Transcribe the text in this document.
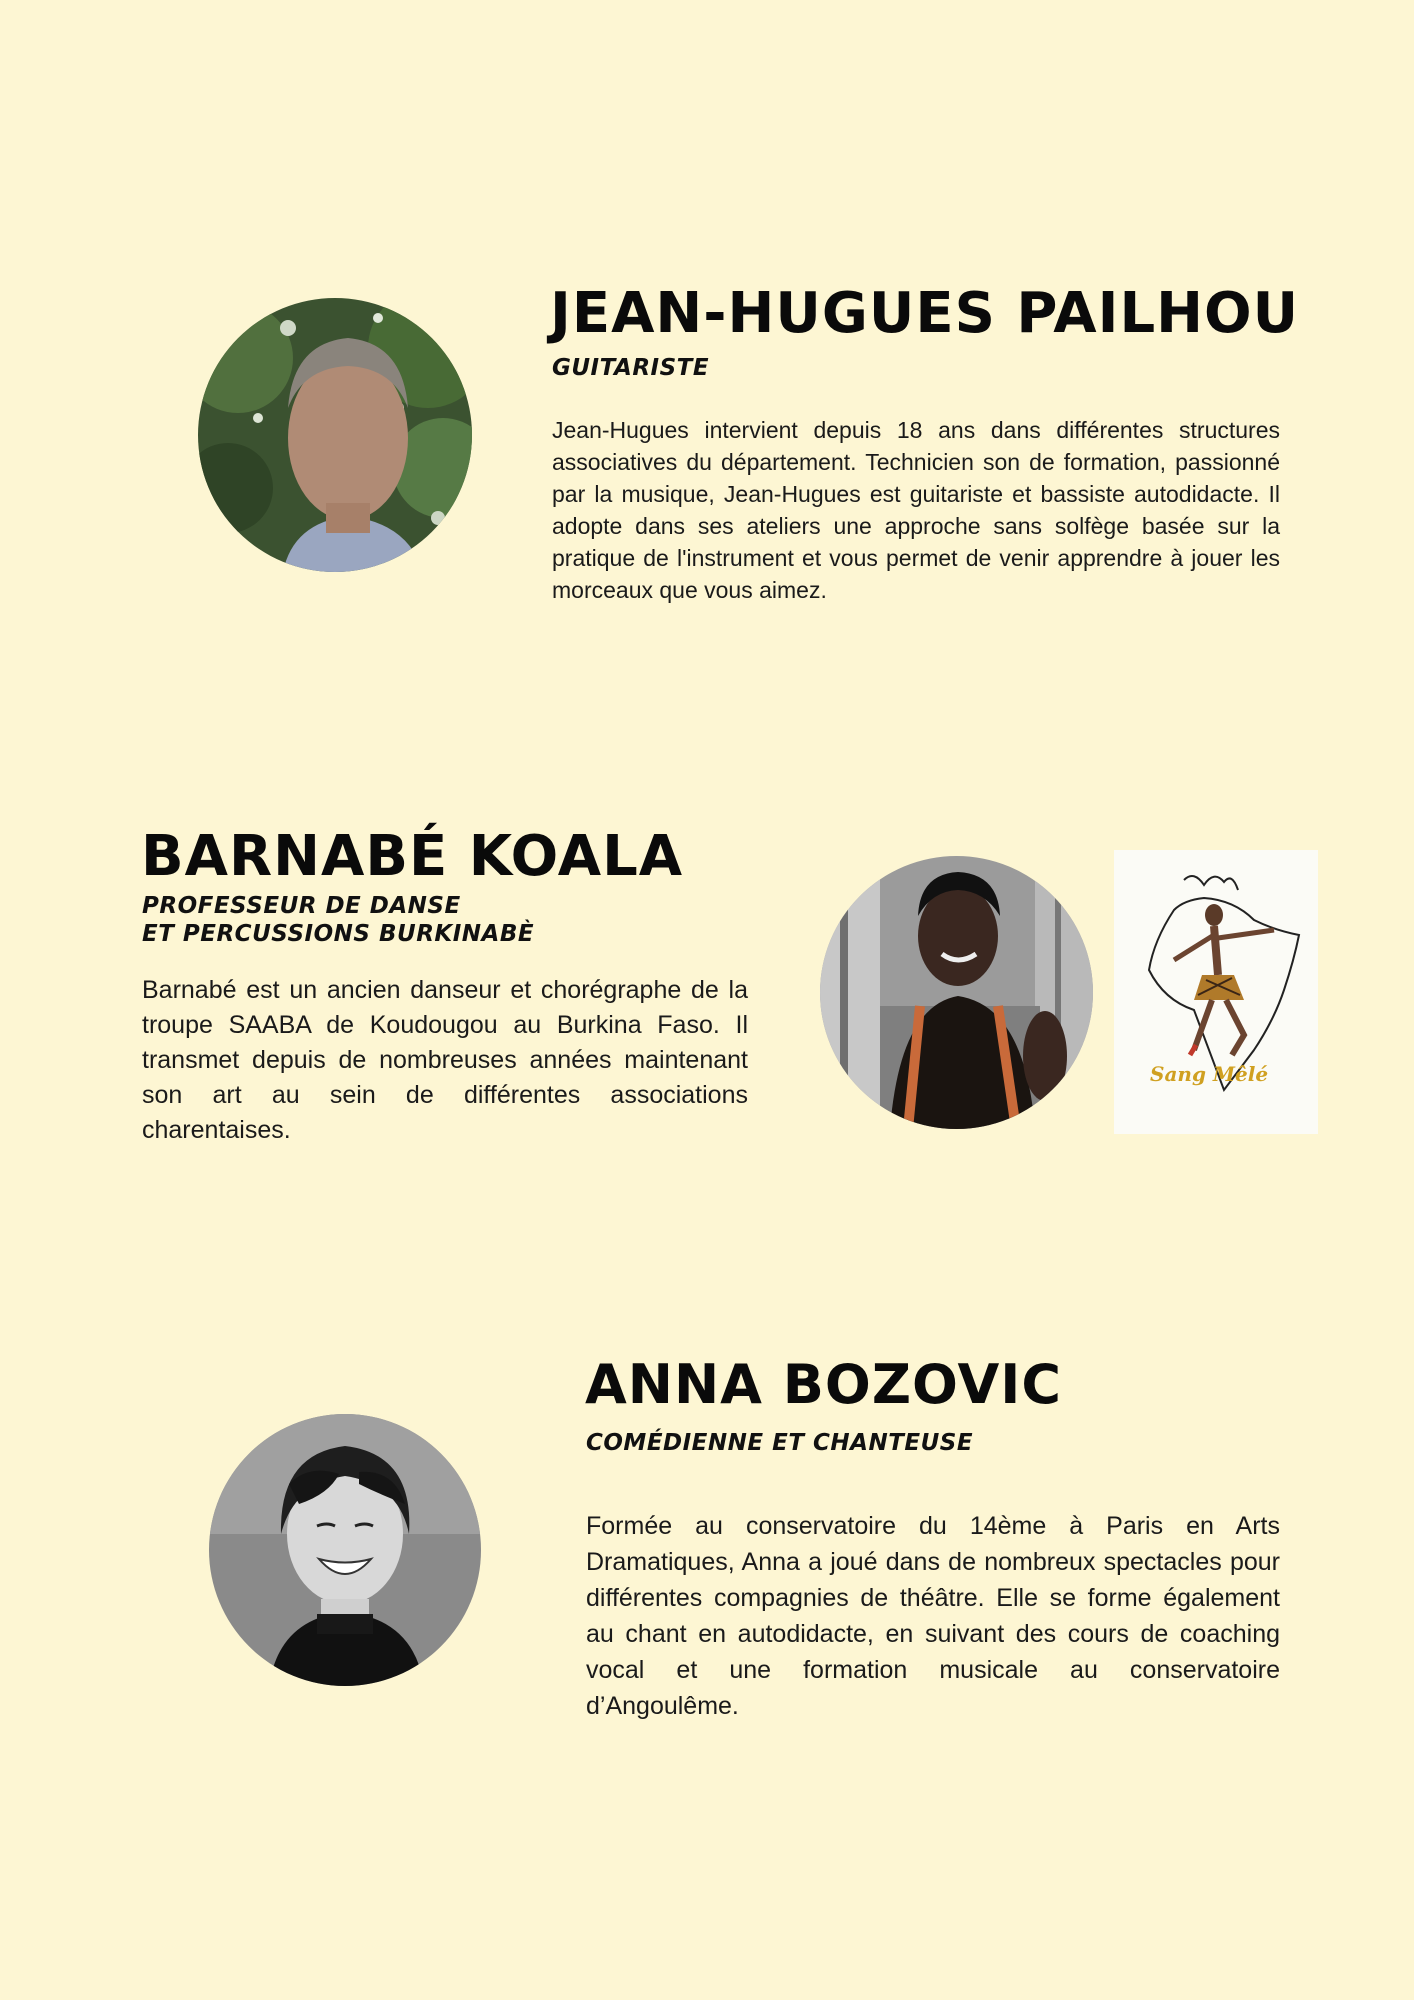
JEAN-HUGUES PAILHOU
GUITARISTE
Jean-Hugues intervient depuis 18 ans dans différentes structures associatives du département. Technicien son de formation, passionné par la musique, Jean-Hugues est guitariste et bassiste autodidacte. Il adopte dans ses ateliers une approche sans solfège basée sur la pratique de l'instrument et vous permet de venir apprendre à jouer les morceaux que vous aimez.
BARNABÉ KOALA
PROFESSEUR DE DANSE
ET PERCUSSIONS BURKINABÈ
Barnabé est un ancien danseur et chorégraphe de la troupe SAABA de Koudougou au Burkina Faso. Il transmet depuis de nombreuses années maintenant son art au sein de différentes associations charentaises.
Sang Mêlé
ANNA BOZOVIC
COMÉDIENNE ET CHANTEUSE
Formée au conservatoire du 14ème à Paris en Arts Dramatiques, Anna a joué dans de nombreux spectacles pour différentes compagnies de théâtre. Elle se forme également au chant en autodidacte, en suivant des cours de coaching vocal et une formation musicale au conservatoire d’Angoulême.
